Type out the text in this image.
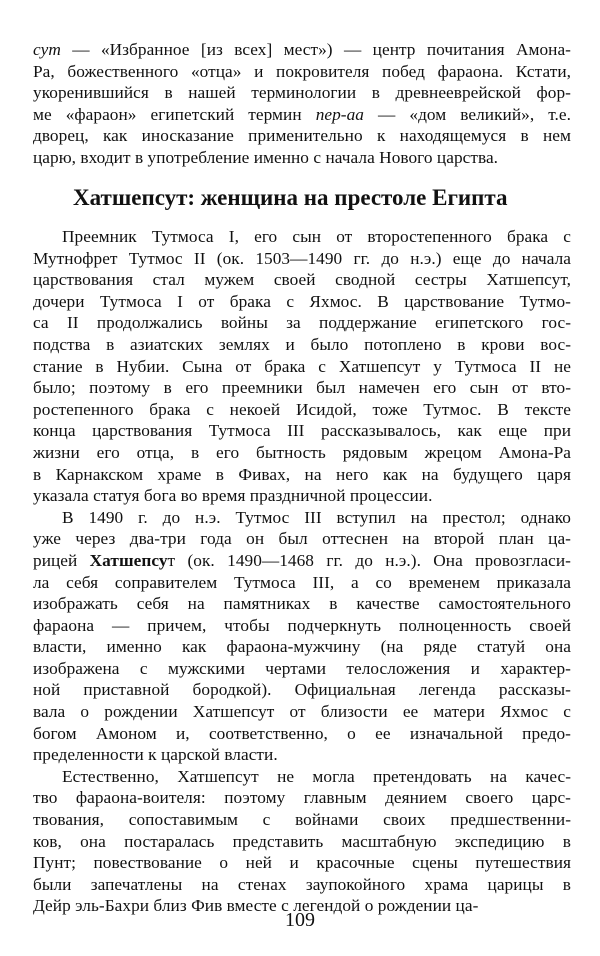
сут — «Избранное [из всех] мест») — центр почитания Амона-
Ра, божественного «отца» и покровителя побед фараона. Кстати,
укоренившийся в нашей терминологии в древнееврейской фор-
ме «фараон» египетский термин пер-аа — «дом великий», т.е.
дворец, как иносказание применительно к находящемуся в нем
царю, входит в употребление именно с начала Нового царства.
Хатшепсут: женщина на престоле Египта
Преемник Тутмоса I, его сын от второстепенного брака с
Мутнофрет Тутмос II (ок. 1503—1490 гг. до н.э.) еще до начала
царствования стал мужем своей сводной сестры Хатшепсут,
дочери Тутмоса I от брака с Яхмос. В царствование Тутмо-
са II продолжались войны за поддержание египетского гос-
подства в азиатских землях и было потоплено в крови вос-
стание в Нубии. Сына от брака с Хатшепсут у Тутмоса II не
было; поэтому в его преемники был намечен его сын от вто-
ростепенного брака с некоей Исидой, тоже Тутмос. В тексте
конца царствования Тутмоса III рассказывалось, как еще при
жизни его отца, в его бытность рядовым жрецом Амона-Ра
в Карнакском храме в Фивах, на него как на будущего царя
указала статуя бога во время праздничной процессии.
В 1490 г. до н.э. Тутмос III вступил на престол; однако
уже через два-три года он был оттеснен на второй план ца-
рицей Хатшепсут (ок. 1490—1468 гг. до н.э.). Она провозгласи-
ла себя соправителем Тутмоса III, а со временем приказала
изображать себя на памятниках в качестве самостоятельного
фараона — причем, чтобы подчеркнуть полноценность своей
власти, именно как фараона-мужчину (на ряде статуй она
изображена с мужскими чертами телосложения и характер-
ной приставной бородкой). Официальная легенда рассказы-
вала о рождении Хатшепсут от близости ее матери Яхмос с
богом Амоном и, соответственно, о ее изначальной предо-
пределенности к царской власти.
Естественно, Хатшепсут не могла претендовать на качес-
тво фараона-воителя: поэтому главным деянием своего царс-
твования, сопоставимым с войнами своих предшественни-
ков, она постаралась представить масштабную экспедицию в
Пунт; повествование о ней и красочные сцены путешествия
были запечатлены на стенах заупокойного храма царицы в
Дейр эль-Бахри близ Фив вместе с легендой о рождении ца-
109
